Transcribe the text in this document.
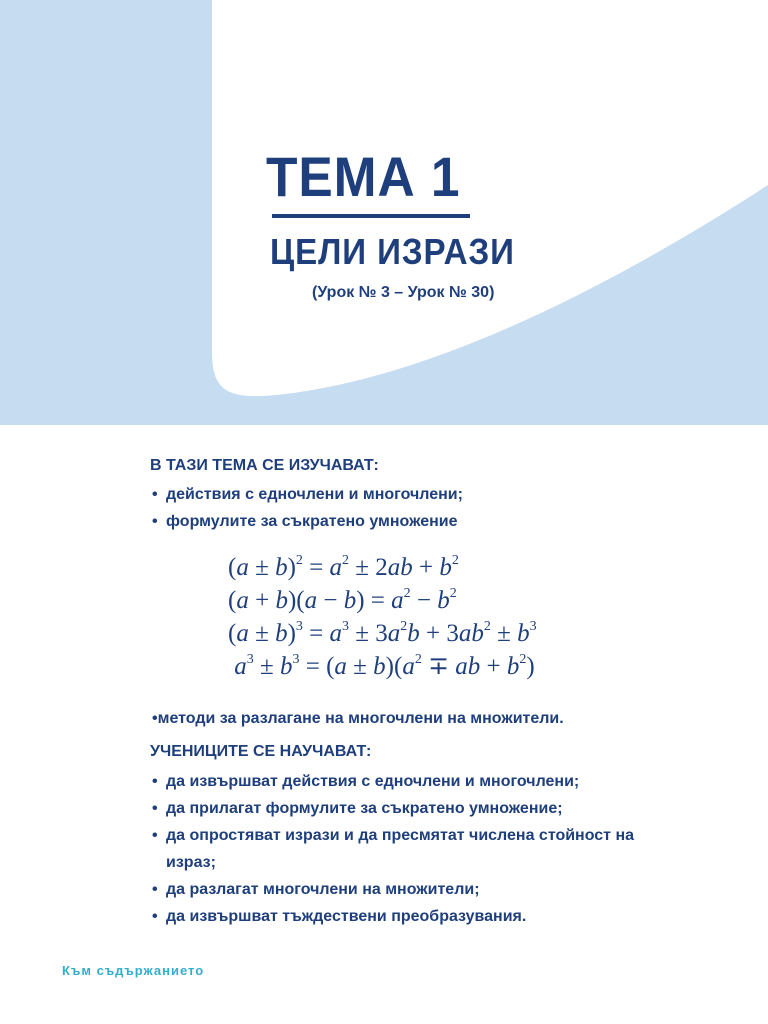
ТЕМА 1
ЦЕЛИ ИЗРАЗИ
(Урок № 3 – Урок № 30)
В ТАЗИ ТЕМА СЕ ИЗУЧАВАТ:
• действия с едночлени и многочлени;
• формулите за съкратено умножение
$(a \pm b)^2 = a^2 \pm 2ab + b^2$
$(a + b)(a - b) = a^2 - b^2$
$(a \pm b)^3 = a^3 \pm 3a^2b + 3ab^2 \pm b^3$
$a^3 \pm b^3 = (a \pm b)(a^2$ ∓ ab + $b^2$)
•методи за разлагане на многочлени на множители.
УЧЕНИЦИТЕ СЕ НАУЧАВАТ:
• да извършват действия с едночлени и многочлени;
• да прилагат формулите за съкратено умножение;
• да опростяват изрази и да пресмятат числена стойност на израз;
• да разлагат многочлени на множители;
• да извършват тъждествени преобразувания.
Към съдържанието
